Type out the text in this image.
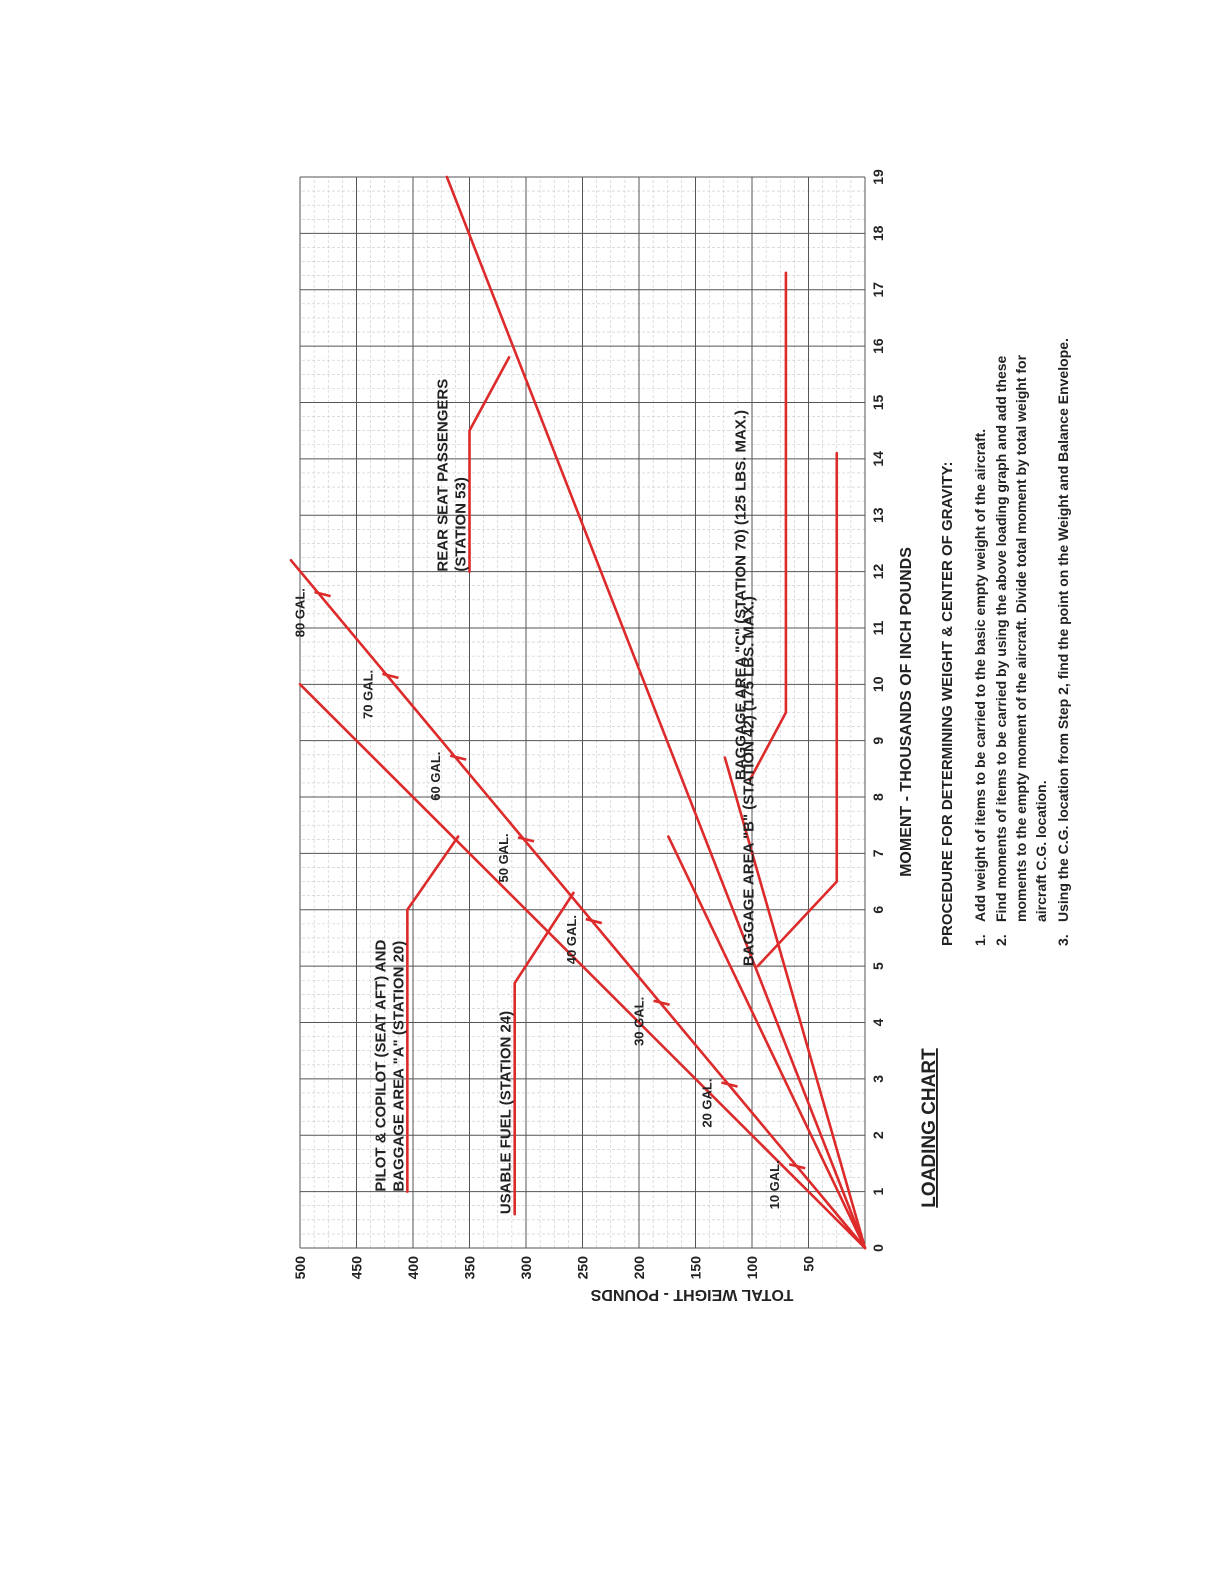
0
1
2
3
4
5
6
7
8
9
10
11
12
13
14
15
16
17
18
19
50
100
150
200
250
300
350
400
450
500
PILOT & COPILOT (SEAT AFT) AND BAGGAGE AREA "A" (STATION 20)	10 GAL.
20 GAL.
30 GAL.
40 GAL.
50 GAL.
60 GAL.
70 GAL.
80 GAL.
USABLE FUEL (STATION 24)
REAR SEAT PASSENGERS (STATION 53)	BAGGAGE AREA "C" (STATION 70) (125 LBS. MAX.)
BAGGAGE AREA "B" (STATION 42) (175 LBS. MAX.)
TOTAL WEIGHT - POUNDS
MOMENT - THOUSANDS OF INCH POUNDS
LOADING CHART
PROCEDURE FOR DETERMINING WEIGHT & CENTER OF GRAVITY: 1.
Add weight of items to be carried to the basic empty weight of the aircraft.
2.
Find moments of items to be carried by using the above loading graph and add these moments to the empty moment of the aircraft. Divide total moment by total weight for aircraft C.G. location.
3.
Using the C.G. location from Step 2, find the point on the Weight and Balance Envelope.
